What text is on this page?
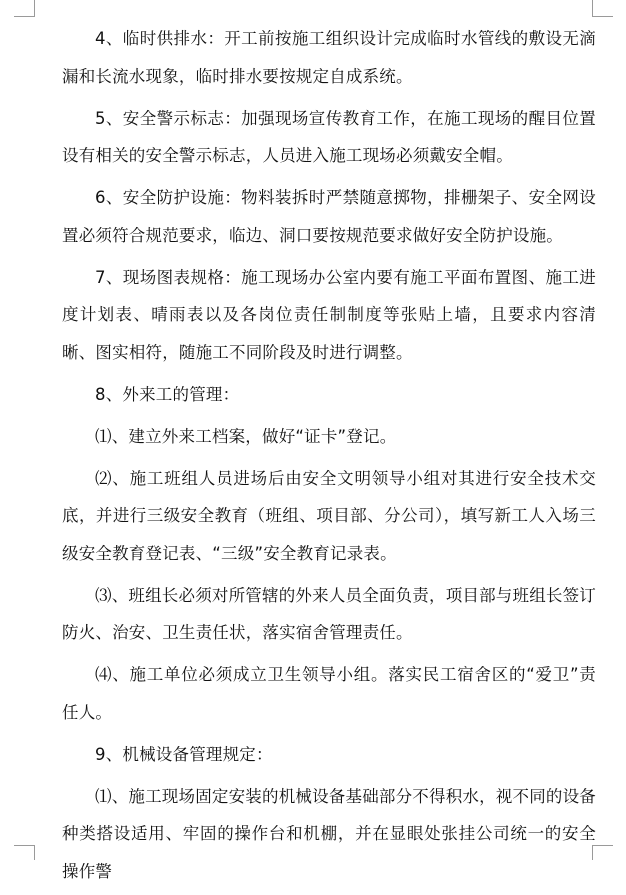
4、临时供排水：开工前按施工组织设计完成临时水管线的敷设无滴漏和长流水现象，临时排水要按规定自成系统。

5、安全警示标志：加强现场宣传教育工作，在施工现场的醒目位置设有相关的安全警示标志，人员进入施工现场必须戴安全帽。

6、安全防护设施：物料装拆时严禁随意掷物，排栅架子、安全网设置必须符合规范要求，临边、洞口要按规范要求做好安全防护设施。

7、现场图表规格：施工现场办公室内要有施工平面布置图、施工进度计划表、晴雨表以及各岗位责任制制度等张贴上墙，且要求内容清晰、图实相符，随施工不同阶段及时进行调整。

8、外来工的管理：

⑴、建立外来工档案，做好“证卡”登记。

⑵、施工班组人员进场后由安全文明领导小组对其进行安全技术交底，并进行三级安全教育（班组、项目部、分公司），填写新工人入场三级安全教育登记表、“三级”安全教育记录表。

⑶、班组长必须对所管辖的外来人员全面负责，项目部与班组长签订防火、治安、卫生责任状，落实宿舍管理责任。

⑷、施工单位必须成立卫生领导小组。落实民工宿舍区的“爱卫”责任人。

9、机械设备管理规定：

⑴、施工现场固定安装的机械设备基础部分不得积水，视不同的设备种类搭设适用、牢固的操作台和机棚，并在显眼处张挂公司统一的安全操作警
